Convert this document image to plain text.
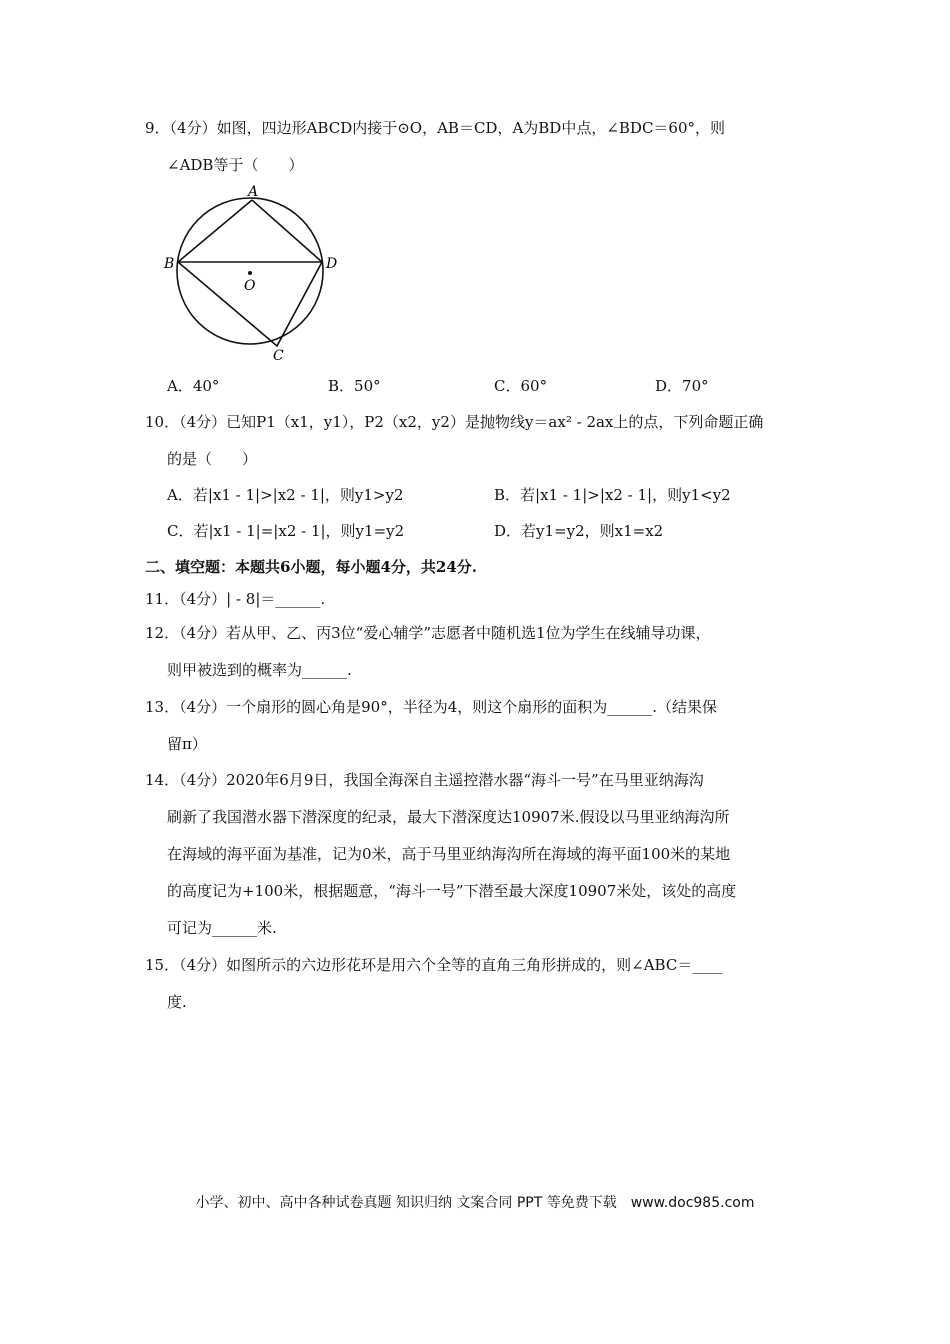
9．（4分）如图，四边形ABCD内接于⊙O，AB＝CD，A为BD中点，∠BDC＝60°，则
∠ADB等于（　　）
A
B
C
D
O
A．40°	B．50°	C．60°	D．70°
10．（4分）已知P1（x1，y1），P2（x2，y2）是抛物线y＝ax² - 2ax上的点，下列命题正确
的是（　　）
A．若|x1 - 1|>|x2 - 1|，则y1>y2	B．若|x1 - 1|>|x2 - 1|，则y1<y2
C．若|x1 - 1|=|x2 - 1|，则y1=y2	D．若y1=y2，则x1=x2
二、填空题：本题共6小题，每小题4分，共24分.
11．（4分）| - 8|＝______.
12．（4分）若从甲、乙、丙3位“爱心辅学”志愿者中随机选1位为学生在线辅导功课，
则甲被选到的概率为______.
13．（4分）一个扇形的圆心角是90°，半径为4，则这个扇形的面积为______.（结果保
留π）
14．（4分）2020年6月9日，我国全海深自主遥控潜水器“海斗一号”在马里亚纳海沟
刷新了我国潜水器下潜深度的纪录，最大下潜深度达10907米.假设以马里亚纳海沟所
在海域的海平面为基准，记为0米，高于马里亚纳海沟所在海域的海平面100米的某地
的高度记为+100米，根据题意，“海斗一号”下潜至最大深度10907米处，该处的高度
可记为______米.
15．（4分）如图所示的六边形花环是用六个全等的直角三角形拼成的，则∠ABC＝____
度.
小学、初中、高中各种试卷真题 知识归纳 文案合同 PPT 等免费下载　www.doc985.com
